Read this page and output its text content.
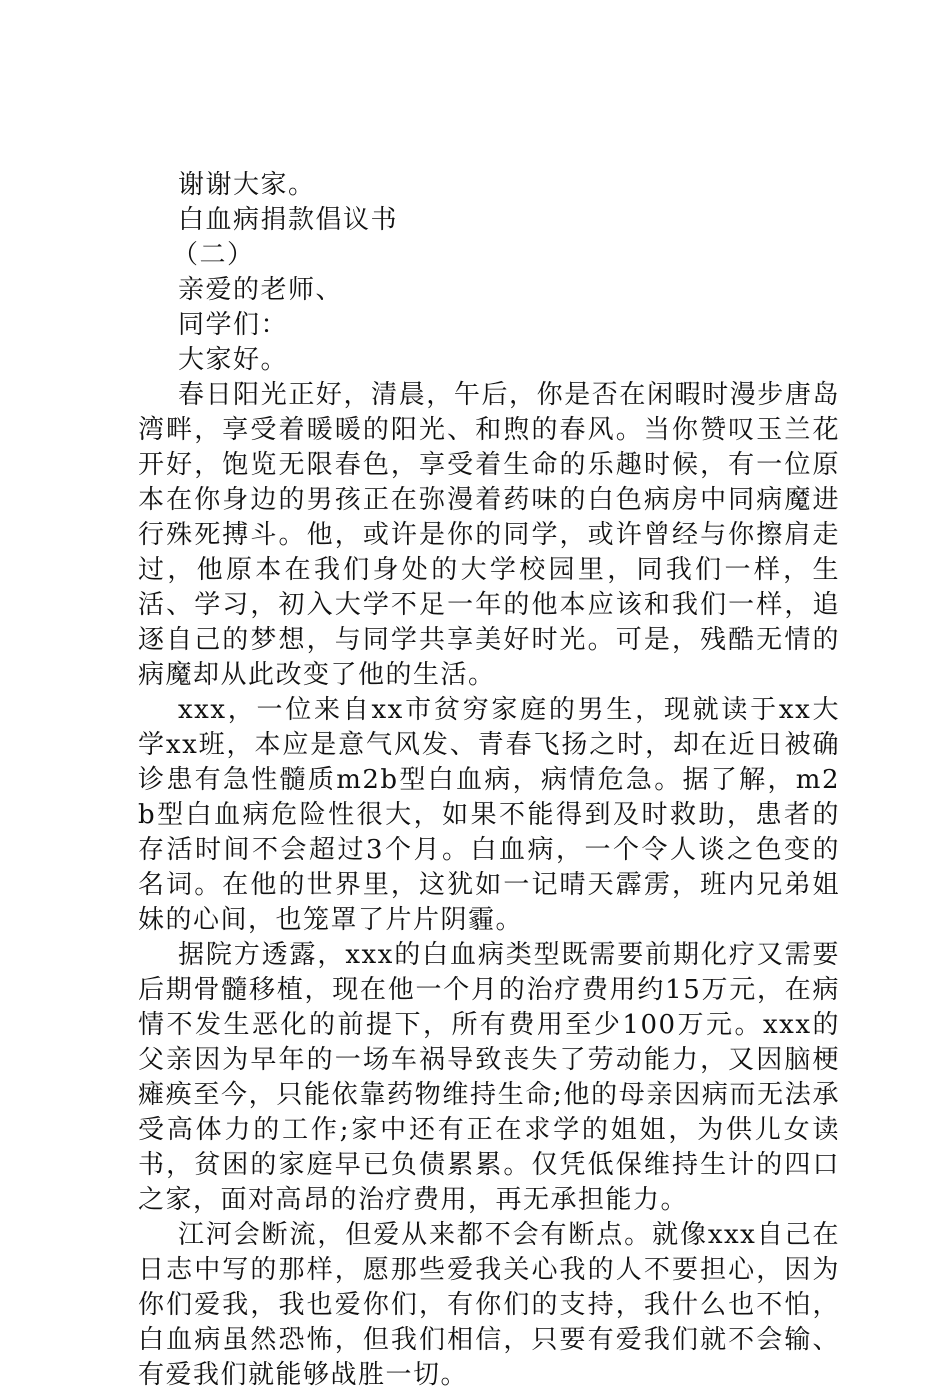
谢谢大家。

白血病捐款倡议书

（二）

亲爱的老师、

同学们：

大家好。

春日阳光正好，清晨，午后，你是否在闲暇时漫步唐岛湾畔，享受着暖暖的阳光、和煦的春风。当你赞叹玉兰花开好，饱览无限春色，享受着生命的乐趣时候，有一位原本在你身边的男孩正在弥漫着药味的白色病房中同病魔进行殊死搏斗。他，或许是你的同学，或许曾经与你擦肩走过，他原本在我们身处的大学校园里，同我们一样，生活、学习，初入大学不足一年的他本应该和我们一样，追逐自己的梦想，与同学共享美好时光。可是，残酷无情的病魔却从此改变了他的生活。

xxx，一位来自xx市贫穷家庭的男生，现就读于xx大学xx班，本应是意气风发、青春飞扬之时，却在近日被确诊患有急性髓质m2b型白血病，病情危急。据了解，m2b型白血病危险性很大，如果不能得到及时救助，患者的存活时间不会超过3个月。白血病，一个令人谈之色变的名词。在他的世界里，这犹如一记晴天霹雳，班内兄弟姐妹的心间，也笼罩了片片阴霾。

据院方透露，xxx的白血病类型既需要前期化疗又需要后期骨髓移植，现在他一个月的治疗费用约15万元，在病情不发生恶化的前提下，所有费用至少100万元。xxx的父亲因为早年的一场车祸导致丧失了劳动能力，又因脑梗瘫痪至今，只能依靠药物维持生命;他的母亲因病而无法承受高体力的工作;家中还有正在求学的姐姐，为供儿女读书，贫困的家庭早已负债累累。仅凭低保维持生计的四口之家，面对高昂的治疗费用，再无承担能力。

江河会断流，但爱从来都不会有断点。就像xxx自己在日志中写的那样，愿那些爱我关心我的人不要担心，因为你们爱我，我也爱你们，有你们的支持，我什么也不怕，白血病虽然恐怖，但我们相信，只要有爱我们就不会输、有爱我们就能够战胜一切。
